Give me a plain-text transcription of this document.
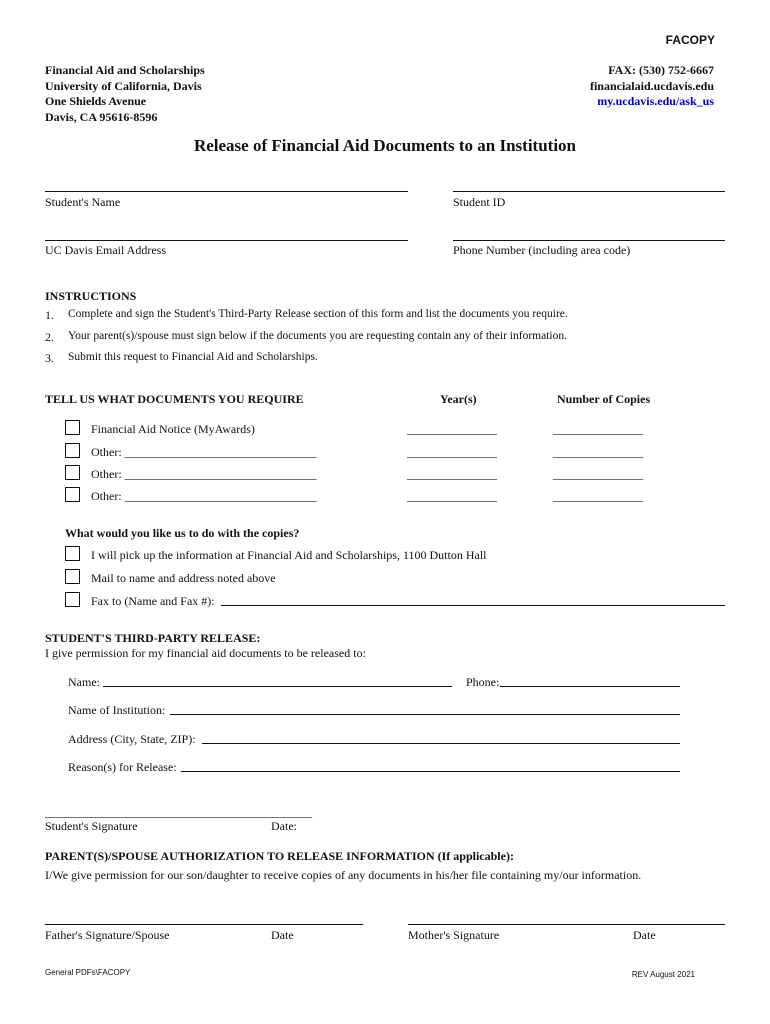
FACOPY
Financial Aid and Scholarships
University of California, Davis
One Shields Avenue
Davis, CA 95616-8596
FAX: (530) 752-6667
financialaid.ucdavis.edu
my.ucdavis.edu/ask_us
Release of Financial Aid Documents to an Institution
Student's Name	Student ID
UC Davis Email Address	Phone Number (including area code)
INSTRUCTIONS
1. Complete and sign the Student's Third-Party Release section of this form and list the documents you require.
2. Your parent(s)/spouse must sign below if the documents you are requesting contain any of their information.
3. Submit this request to Financial Aid and Scholarships.
TELL US WHAT DOCUMENTS YOU REQUIRE	Year(s)	Number of Copies
Financial Aid Notice (MyAwards)	_______________	_______________
Other: ________________________________	_______________	_______________
Other: ________________________________	_______________	_______________
Other: ________________________________	_______________	_______________
What would you like us to do with the copies?
I will pick up the information at Financial Aid and Scholarships, 1100 Dutton Hall
Mail to name and address noted above
Fax to (Name and Fax #):
STUDENT'S THIRD-PARTY RELEASE:
I give permission for my financial aid documents to be released to:
Name:	Phone:
Name of Institution:
Address (City, State, ZIP):
Reason(s) for Release:
______________________________________________
Student's Signature	Date:
PARENT(S)/SPOUSE AUTHORIZATION TO RELEASE INFORMATION (If applicable):
I/We give permission for our son/daughter to receive copies of any documents in his/her file containing my/our information.
Father's Signature/Spouse	Date	Mother's Signature	Date
General PDFs\FACOPY	REV August 2021
